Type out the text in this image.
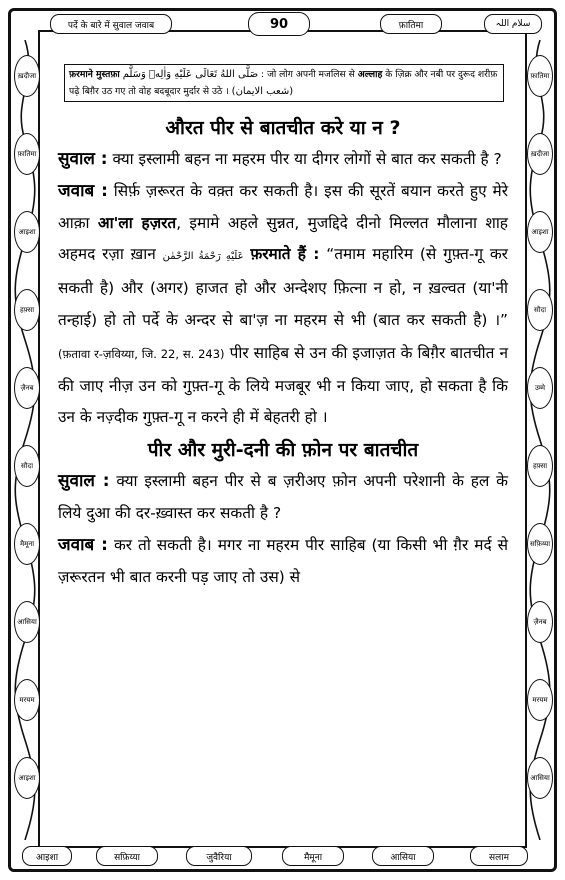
ख़दीजा
फ़ातिमा
आइशा
हफ़्सा
ज़ैनब
सौदा
मैमूना
आसिया
मरयम
आइशा
फ़ातिमा
ख़दीजा
आइशा
सौदा
उम्मे
हफ़्सा
सफ़िय्या
ज़ैनब
मरयम
आसिया
पर्दे के बारे में सुवाल जवाब	90	फ़ातिमा	سلام اللہ
फ़रमाने मुस्तफ़ा صَلَّى اللهُ تَعَالَى عَلَيْهِ وَاٰلِهٖ وَسَلَّم : जो लोग अपनी मजलिस से अल्लाह के ज़िक्र और नबी पर दुरूद शरीफ़
पढ़े बिग़ैर उठ गए तो वोह बदबूदार मुर्दार से उठे । (شعب الایمان)
औरत पीर से बातचीत करे या न ?

सुवाल : क्या इस्लामी बहन ना महरम पीर या दीगर लोगों से बात कर सकती है ?

जवाब : सिर्फ़ ज़रूरत के वक़्त कर सकती है। इस की सूरतें बयान करते हुए मेरे आक़ा आ'ला हज़रत, इमामे अहले सुन्नत, मुजद्दिदे दीनो मिल्लत मौलाना शाह अहमद रज़ा ख़ान عَلَيْهِ رَحْمَةُ الرَّحْمٰن फ़रमाते हैं : “तमाम महारिम (से गुफ़्त-गू कर सकती है) और (अगर) हाजत हो और अन्देशए फ़ित्ना न हो, न ख़ल्वत (या'नी तन्हाई) हो तो पर्दे के अन्दर से बा'ज़ ना महरम से भी (बात कर सकती है) ।” (फ़तावा र-ज़विय्या, जि. 22, स. 243) पीर साहिब से उन की इजाज़त के बिग़ैर बातचीत न की जाए नीज़ उन को गुफ़्त-गू के लिये मजबूर भी न किया जाए, हो सकता है कि उन के नज़्दीक गुफ़्त-गू न करने ही में बेहतरी हो ।

पीर और मुरी-दनी की फ़ोन पर बातचीत

सुवाल : क्या इस्लामी बहन पीर से ब ज़रीअए फ़ोन अपनी परेशानी के हल के लिये दुआ की दर-ख़्वास्त कर सकती है ?

जवाब : कर तो सकती है। मगर ना महरम पीर साहिब (या किसी भी ग़ैर मर्द से ज़रूरतन भी बात करनी पड़ जाए तो उस) से

आइशा	सफ़िय्या	जुवैरिया	मैमूना	आसिया	सलाम
